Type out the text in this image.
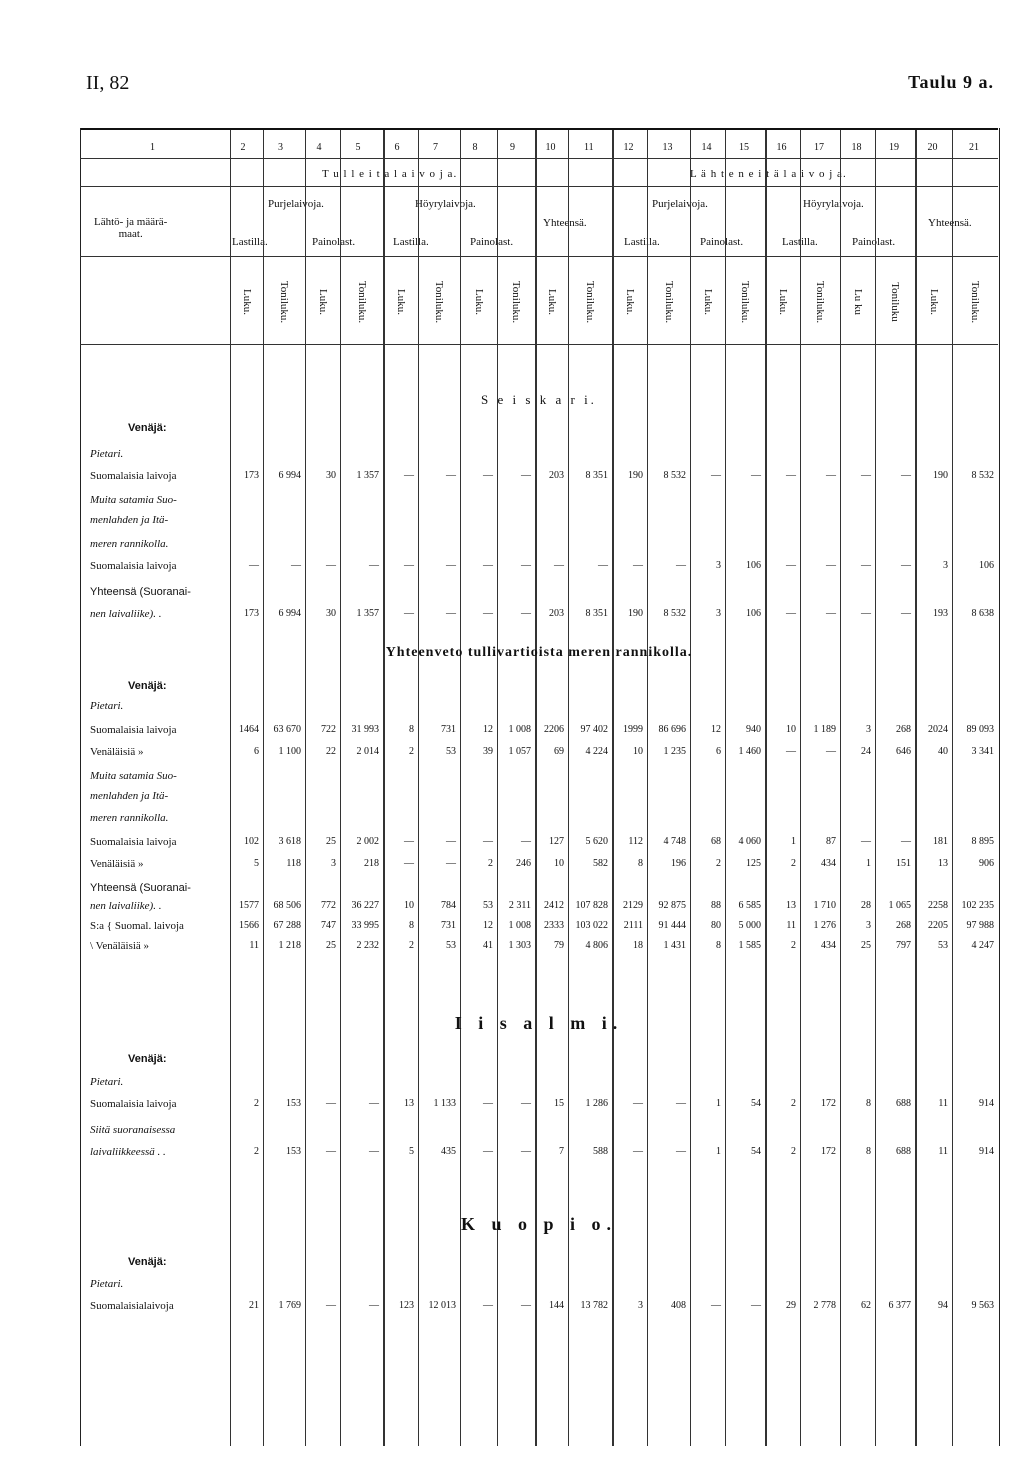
II, 82	Taulu 9 a.
1	2	3	4	5	6	7	8	9	10	11	12	13	14	15	16	17	18	19	20	21
T u l l e i t a l a i v o j a.	L ä h t e n e i t ä l a i v o j a.
Lähtö- ja määrä-
maat.
Purjelaivoja.	Höyrylaivoja.
Yhteensä.
Purjelaivoja.	Höyrylaivoja.
Yhteensä.
Lastilla.	Painolast.	Lastilla.	Painolast.	Lastilla.	Painolast.	Lastilla.	Painolast.
Luku. Toniluku. Luku. Toniluku. Luku. Toniluku.	Luku. Toniluku. Luku. Toniluku.	Luku. Toniluku. Luku. Toniluku. Luku. Toniluku. Lu ku Toniluku Luku.	Toniluku.
S e i s k a r i.
Venäjä:
Pietari.
Suomalaisia laivoja	173	6 994	30	1 357	—	—	—	—	203	8 351	190	8 532	—	—	—	—	—	—	190	8 532
Muita satamia Suo-
menlahden ja Itä-
meren rannikolla.
Suomalaisia laivoja	—	—	—	—	—	—	—	—	—	—	—	—	3	106	—	—	—	—	3	106
Yhteensä (Suoranai-
nen laivaliike). .	173	6 994	30	1 357	—	—	—	—	203	8 351	190	8 532	3	106	—	—	—	—	193	8 638
Yhteenveto tullivartioista meren rannikolla.
Venäjä:
Pietari.
Suomalaisia laivoja	1464	63 670	722	31 993	8	731	12	1 008	2206	97 402	1999	86 696	12	940	10	1 189	3	268	2024	89 093
Venäläisiä »	6	1 100	22	2 014	2	53	39	1 057	69	4 224	10	1 235	6	1 460	—	—	24	646	40	3 341
Muita satamia Suo-
menlahden ja Itä-
meren rannikolla.
Suomalaisia laivoja	102	3 618	25	2 002	—	—	—	—	127	5 620	112	4 748	68	4 060	1	87	—	—	181	8 895
Venäläisiä »	5	118	3	218	—	—	2	246	10	582	8	196	2	125	2	434	1	151	13	906
Yhteensä (Suoranai-
nen laivaliike). .	1577	68 506	772	36 227	10	784	53	2 311	2412	107 828	2129	92 875	88	6 585	13	1 710	28	1 065	2258	102 235
S:a { Suomal. laivoja	1566	67 288	747	33 995	8	731	12	1 008	2333	103 022	2111	91 444	80	5 000	11	1 276	3	268	2205	97 988
\ Venäläisiä »	11	1 218	25	2 232	2	53	41	1 303	79	4 806	18	1 431	8	1 585	2	434	25	797	53	4 247
I i s a l m i.
Venäjä:
Pietari.
Suomalaisia laivoja	2	153	—	—	13	1 133	—	—	15	1 286	—	—	1	54	2	172	8	688	11	914
Siitä suoranaisessa
laivaliikkeessä . .	2	153	—	—	5	435	—	—	7	588	—	—	1	54	2	172	8	688	11	914
K u o p i o.
Venäjä:
Pietari.
Suomalaisialaivoja	21	1 769	—	—	123	12 013	—	—	144	13 782	3	408	—	—	29	2 778	62	6 377	94	9 563
